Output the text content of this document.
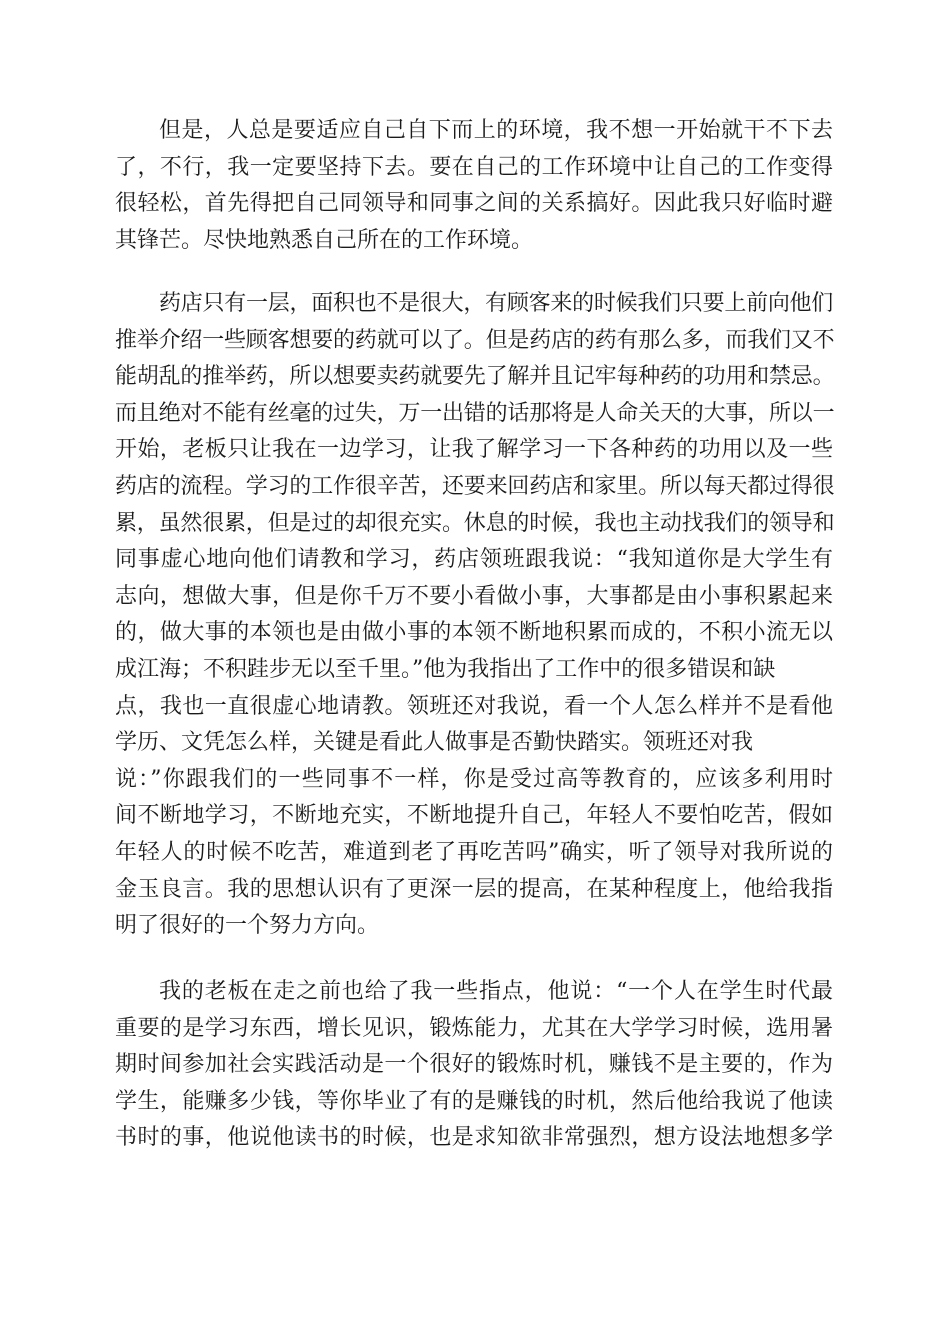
但是，人总是要适应自己自下而上的环境，我不想一开始就干不下去
了，不行，我一定要坚持下去。要在自己的工作环境中让自己的工作变得
很轻松，首先得把自己同领导和同事之间的关系搞好。因此我只好临时避
其锋芒。尽快地熟悉自己所在的工作环境。
药店只有一层，面积也不是很大，有顾客来的时候我们只要上前向他们
推举介绍一些顾客想要的药就可以了。但是药店的药有那么多，而我们又不
能胡乱的推举药，所以想要卖药就要先了解并且记牢每种药的功用和禁忌。
而且绝对不能有丝毫的过失，万一出错的话那将是人命关天的大事，所以一
开始，老板只让我在一边学习，让我了解学习一下各种药的功用以及一些
药店的流程。学习的工作很辛苦，还要来回药店和家里。所以每天都过得很
累，虽然很累，但是过的却很充实。休息的时候，我也主动找我们的领导和
同事虚心地向他们请教和学习，药店领班跟我说：“我知道你是大学生有
志向，想做大事，但是你千万不要小看做小事，大事都是由小事积累起来
的，做大事的本领也是由做小事的本领不断地积累而成的，不积小流无以
成江海；不积跬步无以至千里。”他为我指出了工作中的很多错误和缺
点，我也一直很虚心地请教。领班还对我说，看一个人怎么样并不是看他
学历、文凭怎么样，关键是看此人做事是否勤快踏实。领班还对我
说：”你跟我们的一些同事不一样，你是受过高等教育的，应该多利用时
间不断地学习，不断地充实，不断地提升自己，年轻人不要怕吃苦，假如
年轻人的时候不吃苦，难道到老了再吃苦吗”确实，听了领导对我所说的
金玉良言。我的思想认识有了更深一层的提高，在某种程度上，他给我指
明了很好的一个努力方向。
我的老板在走之前也给了我一些指点，他说：“一个人在学生时代最
重要的是学习东西，增长见识，锻炼能力，尤其在大学学习时候，选用暑
期时间参加社会实践活动是一个很好的锻炼时机，赚钱不是主要的，作为
学生，能赚多少钱，等你毕业了有的是赚钱的时机，然后他给我说了他读
书时的事，他说他读书的时候，也是求知欲非常强烈，想方设法地想多学
